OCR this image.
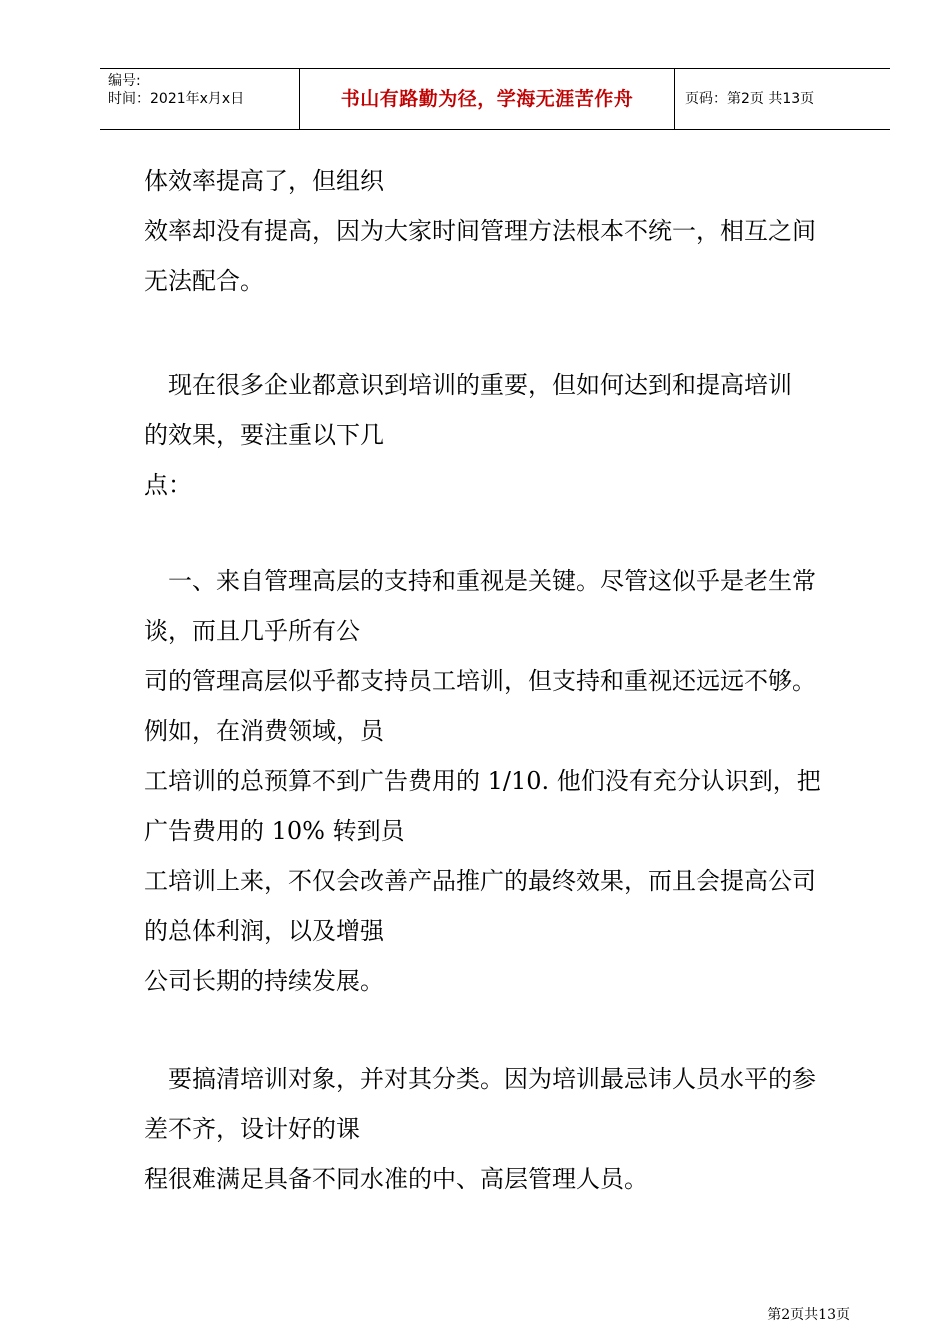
编号:
时间：2021年x月x日	书山有路勤为径，学海无涯苦作舟	页码：第2页 共13页
体效率提高了，但组织
效率却没有提高，因为大家时间管理方法根本不统一，相互之间
无法配合。
　现在很多企业都意识到培训的重要，但如何达到和提高培训
的效果，要注重以下几
点：
　一、来自管理高层的支持和重视是关键。尽管这似乎是老生常
谈，而且几乎所有公
司的管理高层似乎都支持员工培训，但支持和重视还远远不够。
例如，在消费领域，员
工培训的总预算不到广告费用的 1/10. 他们没有充分认识到，把
广告费用的 10% 转到员
工培训上来，不仅会改善产品推广的最终效果，而且会提高公司
的总体利润，以及增强
公司长期的持续发展。
　要搞清培训对象，并对其分类。因为培训最忌讳人员水平的参
差不齐，设计好的课
程很难满足具备不同水准的中、高层管理人员。
第2页共13页
